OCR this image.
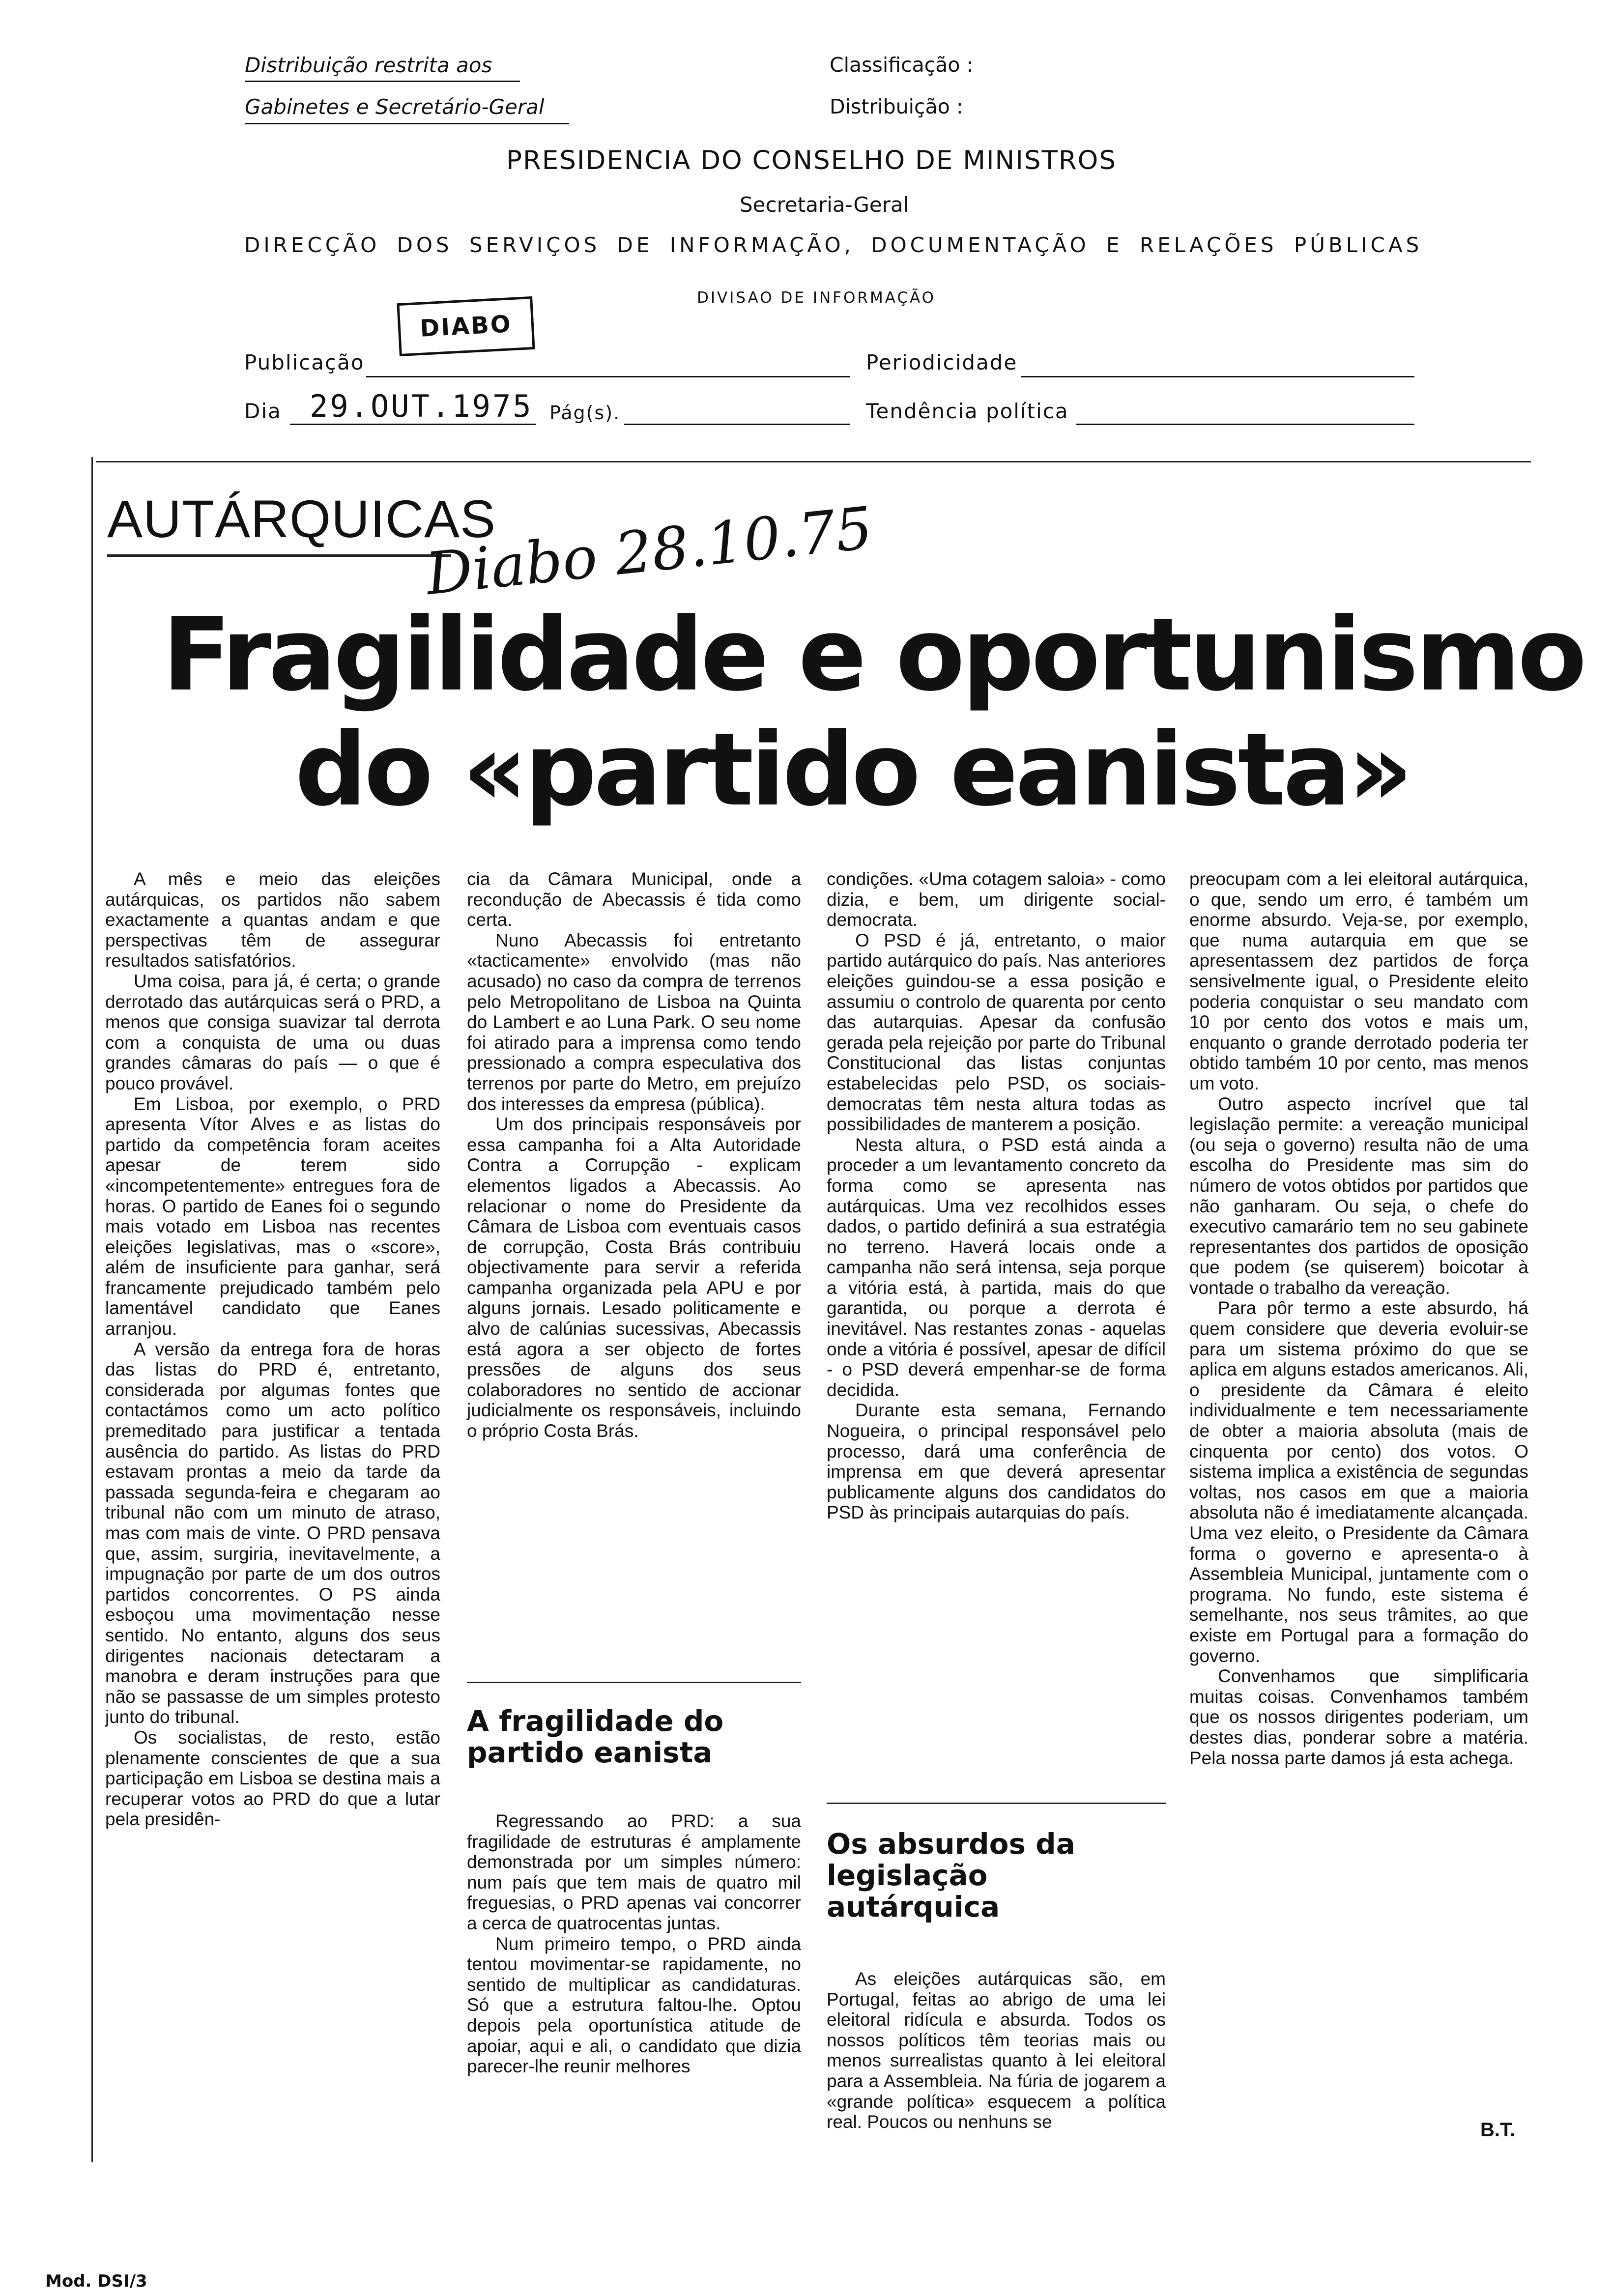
Distribuição restrita aos
Gabinetes e Secretário-Geral
Classificação :
Distribuição :
PRESIDENCIA DO CONSELHO DE MINISTROS
Secretaria-Geral
DIRECÇÃO DOS SERVIÇOS DE INFORMAÇÃO, DOCUMENTAÇÃO E RELAÇÕES PÚBLICAS
DIVISAO DE INFORMAÇÃO
DIABO
Publicação	Periodicidade
Dia 29.OUT.1975 Pág(s).	Tendência política
AUTÁRQUICAS
Diabo 28.10.75
Fragilidade e oportunismo
do «partido eanista»

A mês e meio das eleições autárquicas, os partidos não sabem exactamente a quantas andam e que perspectivas têm de assegurar resultados satisfatórios.

Uma coisa, para já, é certa; o grande derrotado das autárquicas será o PRD, a menos que consiga suavizar tal derrota com a conquista de uma ou duas grandes câmaras do país — o que é pouco provável.

Em Lisboa, por exemplo, o PRD apresenta Vítor Alves e as listas do partido da competência foram aceites apesar de terem sido «incompetentemente» entregues fora de horas. O partido de Eanes foi o segundo mais votado em Lisboa nas recentes eleições legislativas, mas o «score», além de insuficiente para ganhar, será francamente prejudicado também pelo lamentável candidato que Eanes arranjou.

A versão da entrega fora de horas das listas do PRD é, entretanto, considerada por algumas fontes que contactámos como um acto político premeditado para justificar a tentada ausência do partido. As listas do PRD estavam prontas a meio da tarde da passada segunda-feira e chegaram ao tribunal não com um minuto de atraso, mas com mais de vinte. O PRD pensava que, assim, surgiria, inevitavelmente, a impugnação por parte de um dos outros partidos concorrentes. O PS ainda esboçou uma movimentação nesse sentido. No entanto, alguns dos seus dirigentes nacionais detectaram a manobra e deram instruções para que não se passasse de um simples protesto junto do tribunal.

Os socialistas, de resto, estão plenamente conscientes de que a sua participação em Lisboa se destina mais a recuperar votos ao PRD do que a lutar pela presidên-

cia da Câmara Municipal, onde a recondução de Abecassis é tida como certa.

Nuno Abecassis foi entretanto «tacticamente» envolvido (mas não acusado) no caso da compra de terrenos pelo Metropolitano de Lisboa na Quinta do Lambert e ao Luna Park. O seu nome foi atirado para a imprensa como tendo pressionado a compra especulativa dos terrenos por parte do Metro, em prejuízo dos interesses da empresa (pública).

Um dos principais responsáveis por essa campanha foi a Alta Autoridade Contra a Corrupção - explicam elementos ligados a Abecassis. Ao relacionar o nome do Presidente da Câmara de Lisboa com eventuais casos de corrupção, Costa Brás contribuiu objectivamente para servir a referida campanha organizada pela APU e por alguns jornais. Lesado politicamente e alvo de calúnias sucessivas, Abecassis está agora a ser objecto de fortes pressões de alguns dos seus colaboradores no sentido de accionar judicialmente os responsáveis, incluindo o próprio Costa Brás.

A fragilidade do partido eanista

Regressando ao PRD: a sua fragilidade de estruturas é amplamente demonstrada por um simples número: num país que tem mais de quatro mil freguesias, o PRD apenas vai concorrer a cerca de quatrocentas juntas.

Num primeiro tempo, o PRD ainda tentou movimentar-se rapidamente, no sentido de multiplicar as candidaturas. Só que a estrutura faltou-lhe. Optou depois pela oportunística atitude de apoiar, aqui e ali, o candidato que dizia parecer-lhe reunir melhores

condições. «Uma cotagem saloia» - como dizia, e bem, um dirigente social-democrata.

O PSD é já, entretanto, o maior partido autárquico do país. Nas anteriores eleições guindou-se a essa posição e assumiu o controlo de quarenta por cento das autarquias. Apesar da confusão gerada pela rejeição por parte do Tribunal Constitucional das listas conjuntas estabelecidas pelo PSD, os sociais-democratas têm nesta altura todas as possibilidades de manterem a posição.

Nesta altura, o PSD está ainda a proceder a um levantamento concreto da forma como se apresenta nas autárquicas. Uma vez recolhidos esses dados, o partido definirá a sua estratégia no terreno. Haverá locais onde a campanha não será intensa, seja porque a vitória está, à partida, mais do que garantida, ou porque a derrota é inevitável. Nas restantes zonas - aquelas onde a vitória é possível, apesar de difícil - o PSD deverá empenhar-se de forma decidida.

Durante esta semana, Fernando Nogueira, o principal responsável pelo processo, dará uma conferência de imprensa em que deverá apresentar publicamente alguns dos candidatos do PSD às principais autarquias do país.

Os absurdos da legislação autárquica

As eleições autárquicas são, em Portugal, feitas ao abrigo de uma lei eleitoral ridícula e absurda. Todos os nossos políticos têm teorias mais ou menos surrealistas quanto à lei eleitoral para a Assembleia. Na fúria de jogarem a «grande política» esquecem a política real. Poucos ou nenhuns se

preocupam com a lei eleitoral autárquica, o que, sendo um erro, é também um enorme absurdo. Veja-se, por exemplo, que numa autarquia em que se apresentassem dez partidos de força sensivelmente igual, o Presidente eleito poderia conquistar o seu mandato com 10 por cento dos votos e mais um, enquanto o grande derrotado poderia ter obtido também 10 por cento, mas menos um voto.

Outro aspecto incrível que tal legislação permite: a vereação municipal (ou seja o governo) resulta não de uma escolha do Presidente mas sim do número de votos obtidos por partidos que não ganharam. Ou seja, o chefe do executivo camarário tem no seu gabinete representantes dos partidos de oposição que podem (se quiserem) boicotar à vontade o trabalho da vereação.

Para pôr termo a este absurdo, há quem considere que deveria evoluir-se para um sistema próximo do que se aplica em alguns estados americanos. Ali, o presidente da Câmara é eleito individualmente e tem necessariamente de obter a maioria absoluta (mais de cinquenta por cento) dos votos. O sistema implica a existência de segundas voltas, nos casos em que a maioria absoluta não é imediatamente alcançada. Uma vez eleito, o Presidente da Câmara forma o governo e apresenta-o à Assembleia Municipal, juntamente com o programa. No fundo, este sistema é semelhante, nos seus trâmites, ao que existe em Portugal para a formação do governo.

Convenhamos que simplificaria muitas coisas. Convenhamos também que os nossos dirigentes poderiam, um destes dias, ponderar sobre a matéria. Pela nossa parte damos já esta achega.

B.T.
Mod. DSI/3
